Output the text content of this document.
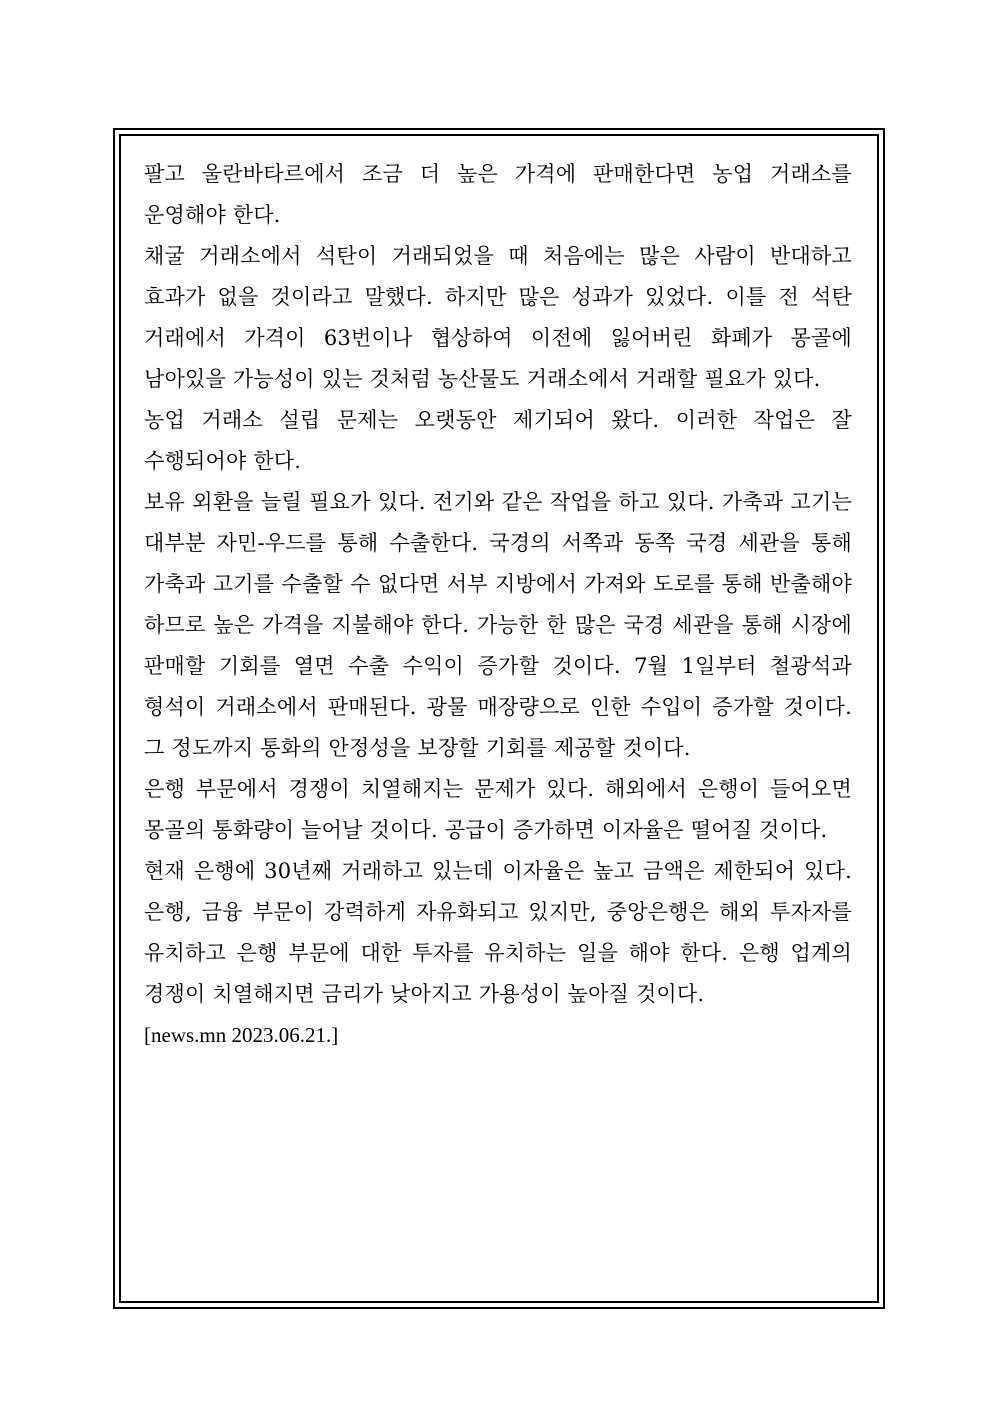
팔고 울란바타르에서 조금 더 높은 가격에 판매한다면 농업 거래소를 운영해야 한다.

채굴 거래소에서 석탄이 거래되었을 때 처음에는 많은 사람이 반대하고 효과가 없을 것이라고 말했다. 하지만 많은 성과가 있었다. 이틀 전 석탄 거래에서 가격이 63번이나 협상하여 이전에 잃어버린 화폐가 몽골에 남아있을 가능성이 있는 것처럼 농산물도 거래소에서 거래할 필요가 있다.

농업 거래소 설립 문제는 오랫동안 제기되어 왔다. 이러한 작업은 잘 수행되어야 한다.

보유 외환을 늘릴 필요가 있다. 전기와 같은 작업을 하고 있다. 가축과 고기는 대부분 자민-우드를 통해 수출한다. 국경의 서쪽과 동쪽 국경 세관을 통해 가축과 고기를 수출할 수 없다면 서부 지방에서 가져와 도로를 통해 반출해야 하므로 높은 가격을 지불해야 한다. 가능한 한 많은 국경 세관을 통해 시장에 판매할 기회를 열면 수출 수익이 증가할 것이다. 7월 1일부터 철광석과 형석이 거래소에서 판매된다. 광물 매장량으로 인한 수입이 증가할 것이다. 그 정도까지 통화의 안정성을 보장할 기회를 제공할 것이다.

은행 부문에서 경쟁이 치열해지는 문제가 있다. 해외에서 은행이 들어오면 몽골의 통화량이 늘어날 것이다. 공급이 증가하면 이자율은 떨어질 것이다.

현재 은행에 30년째 거래하고 있는데 이자율은 높고 금액은 제한되어 있다. 은행, 금융 부문이 강력하게 자유화되고 있지만, 중앙은행은 해외 투자자를 유치하고 은행 부문에 대한 투자를 유치하는 일을 해야 한다. 은행 업계의 경쟁이 치열해지면 금리가 낮아지고 가용성이 높아질 것이다.

[news.mn 2023.06.21.]
